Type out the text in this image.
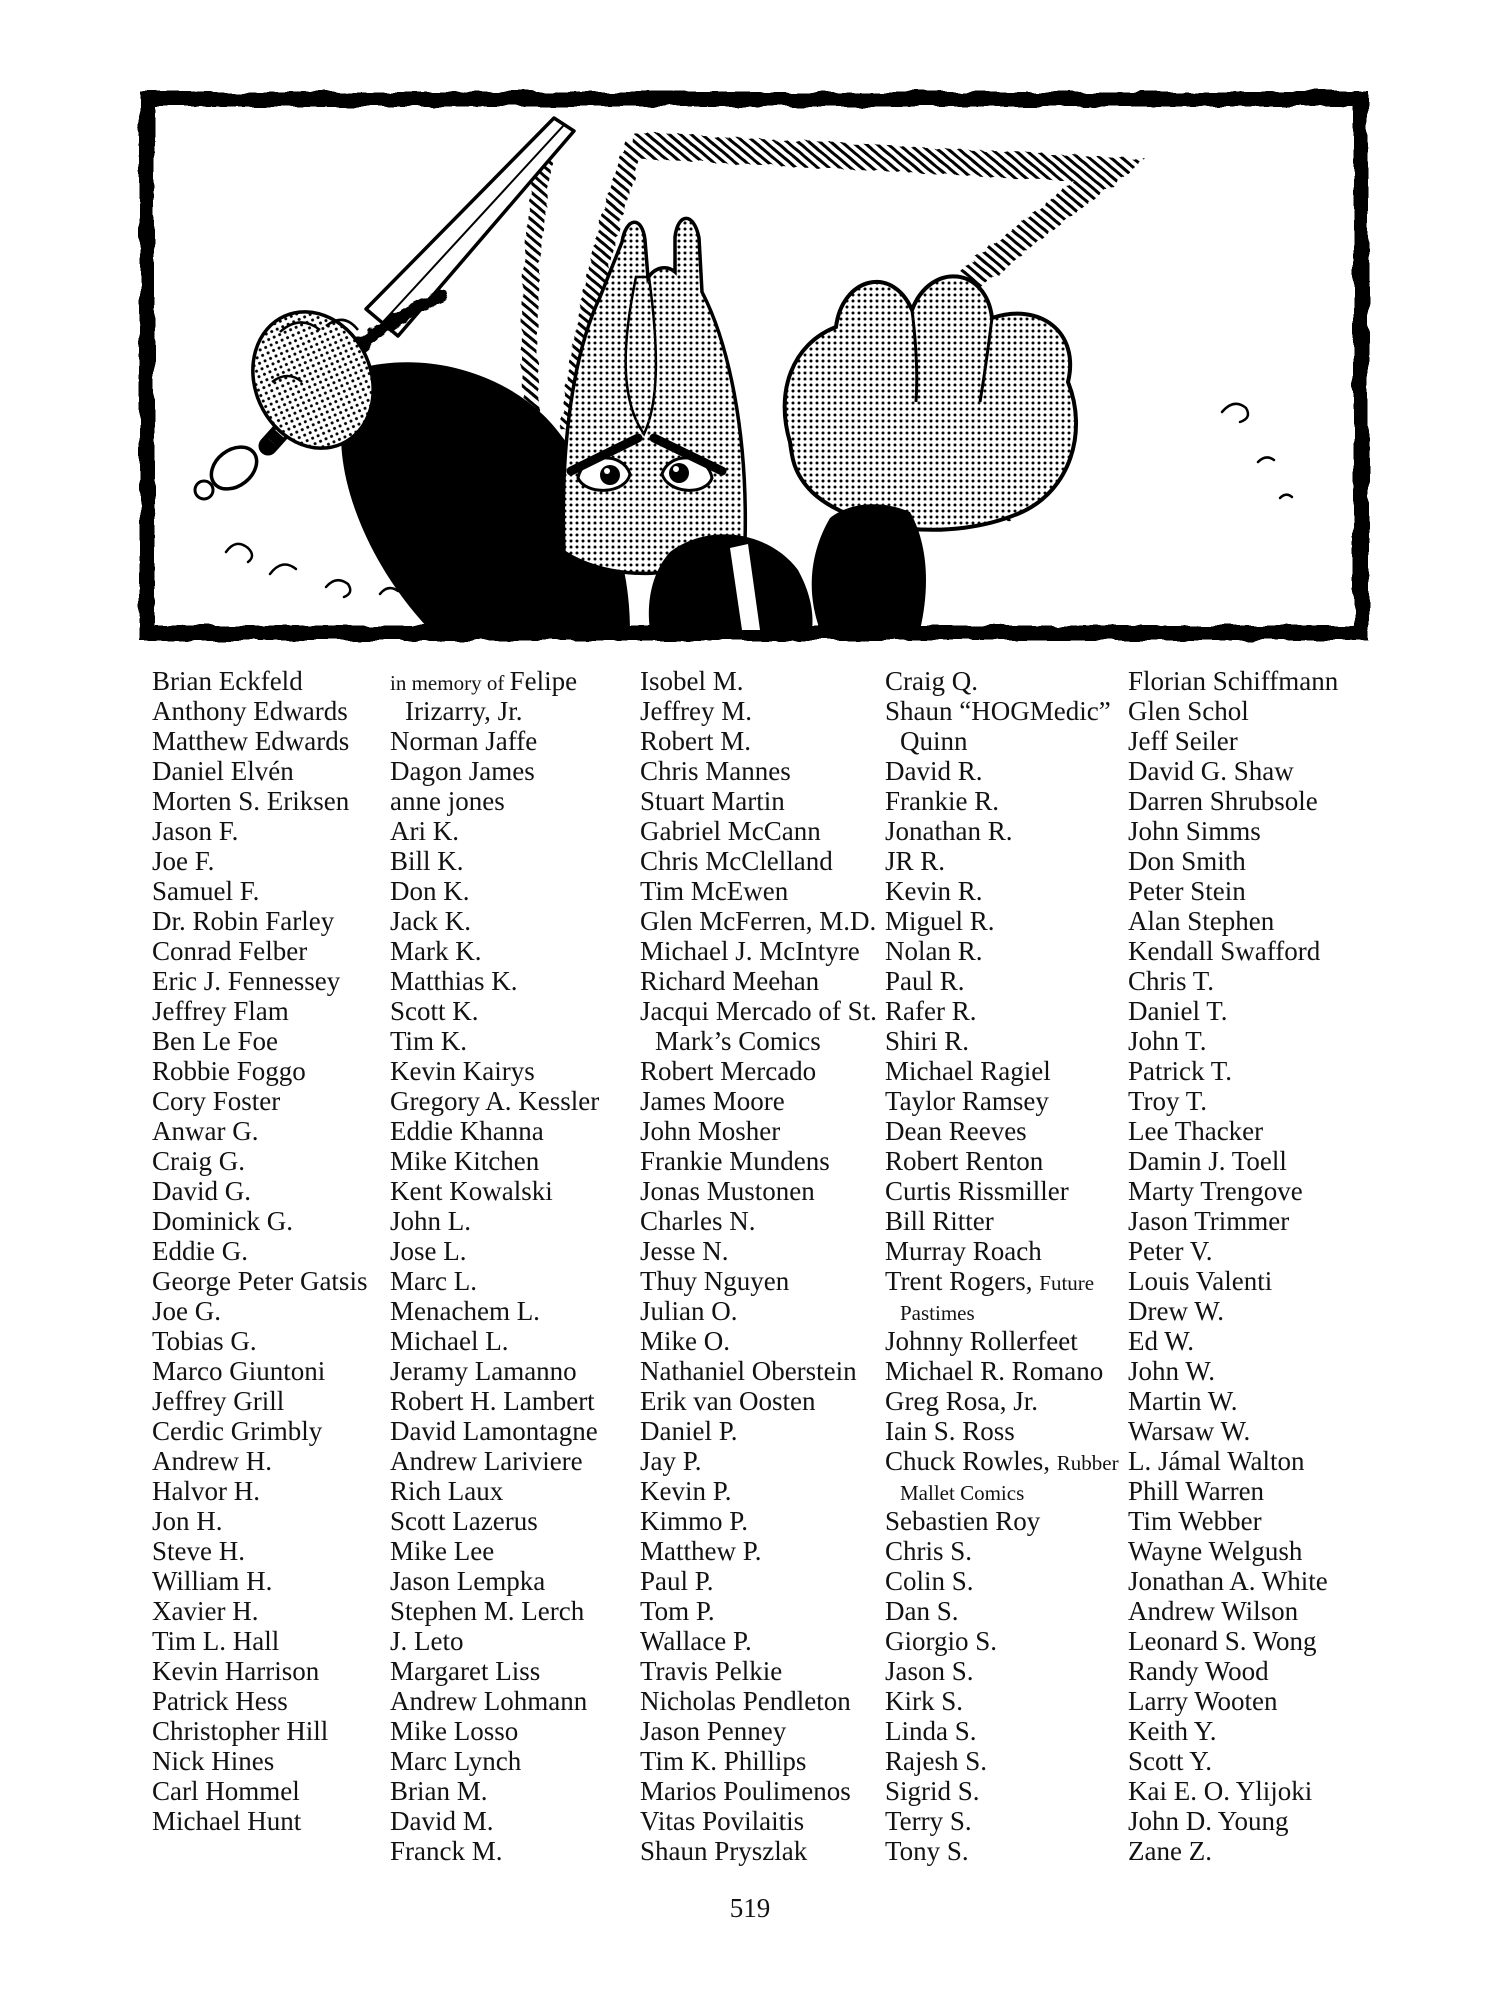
Brian Eckfeld
Anthony Edwards
Matthew Edwards
Daniel Elvén
Morten S. Eriksen
Jason F.
Joe F.
Samuel F.
Dr. Robin Farley
Conrad Felber
Eric J. Fennessey
Jeffrey Flam
Ben Le Foe
Robbie Foggo
Cory Foster
Anwar G.
Craig G.
David G.
Dominick G.
Eddie G.
George Peter Gatsis
Joe G.
Tobias G.
Marco Giuntoni
Jeffrey Grill
Cerdic Grimbly
Andrew H.
Halvor H.
Jon H.
Steve H.
William H.
Xavier H.
Tim L. Hall
Kevin Harrison
Patrick Hess
Christopher Hill
Nick Hines
Carl Hommel
Michael Hunt
in memory of Felipe
Irizarry, Jr.
Norman Jaffe
Dagon James
anne jones
Ari K.
Bill K.
Don K.
Jack K.
Mark K.
Matthias K.
Scott K.
Tim K.
Kevin Kairys
Gregory A. Kessler
Eddie Khanna
Mike Kitchen
Kent Kowalski
John L.
Jose L.
Marc L.
Menachem L.
Michael L.
Jeramy Lamanno
Robert H. Lambert
David Lamontagne
Andrew Lariviere
Rich Laux
Scott Lazerus
Mike Lee
Jason Lempka
Stephen M. Lerch
J. Leto
Margaret Liss
Andrew Lohmann
Mike Losso
Marc Lynch
Brian M.
David M.
Franck M.
Isobel M.
Jeffrey M.
Robert M.
Chris Mannes
Stuart Martin
Gabriel McCann
Chris McClelland
Tim McEwen
Glen McFerren, M.D.
Michael J. McIntyre
Richard Meehan
Jacqui Mercado of St.
Mark’s Comics
Robert Mercado
James Moore
John Mosher
Frankie Mundens
Jonas Mustonen
Charles N.
Jesse N.
Thuy Nguyen
Julian O.
Mike O.
Nathaniel Oberstein
Erik van Oosten
Daniel P.
Jay P.
Kevin P.
Kimmo P.
Matthew P.
Paul P.
Tom P.
Wallace P.
Travis Pelkie
Nicholas Pendleton
Jason Penney
Tim K. Phillips
Marios Poulimenos
Vitas Povilaitis
Shaun Pryszlak
Craig Q.
Shaun “HOGMedic”
Quinn
David R.
Frankie R.
Jonathan R.
JR R.
Kevin R.
Miguel R.
Nolan R.
Paul R.
Rafer R.
Shiri R.
Michael Ragiel
Taylor Ramsey
Dean Reeves
Robert Renton
Curtis Rissmiller
Bill Ritter
Murray Roach
Trent Rogers, Future
Pastimes
Johnny Rollerfeet
Michael R. Romano
Greg Rosa, Jr.
Iain S. Ross
Chuck Rowles, Rubber
Mallet Comics
Sebastien Roy
Chris S.
Colin S.
Dan S.
Giorgio S.
Jason S.
Kirk S.
Linda S.
Rajesh S.
Sigrid S.
Terry S.
Tony S.
Florian Schiffmann
Glen Schol
Jeff Seiler
David G. Shaw
Darren Shrubsole
John Simms
Don Smith
Peter Stein
Alan Stephen
Kendall Swafford
Chris T.
Daniel T.
John T.
Patrick T.
Troy T.
Lee Thacker
Damin J. Toell
Marty Trengove
Jason Trimmer
Peter V.
Louis Valenti
Drew W.
Ed W.
John W.
Martin W.
Warsaw W.
L. Jámal Walton
Phill Warren
Tim Webber
Wayne Welgush
Jonathan A. White
Andrew Wilson
Leonard S. Wong
Randy Wood
Larry Wooten
Keith Y.
Scott Y.
Kai E. O. Ylijoki
John D. Young
Zane Z.
519
